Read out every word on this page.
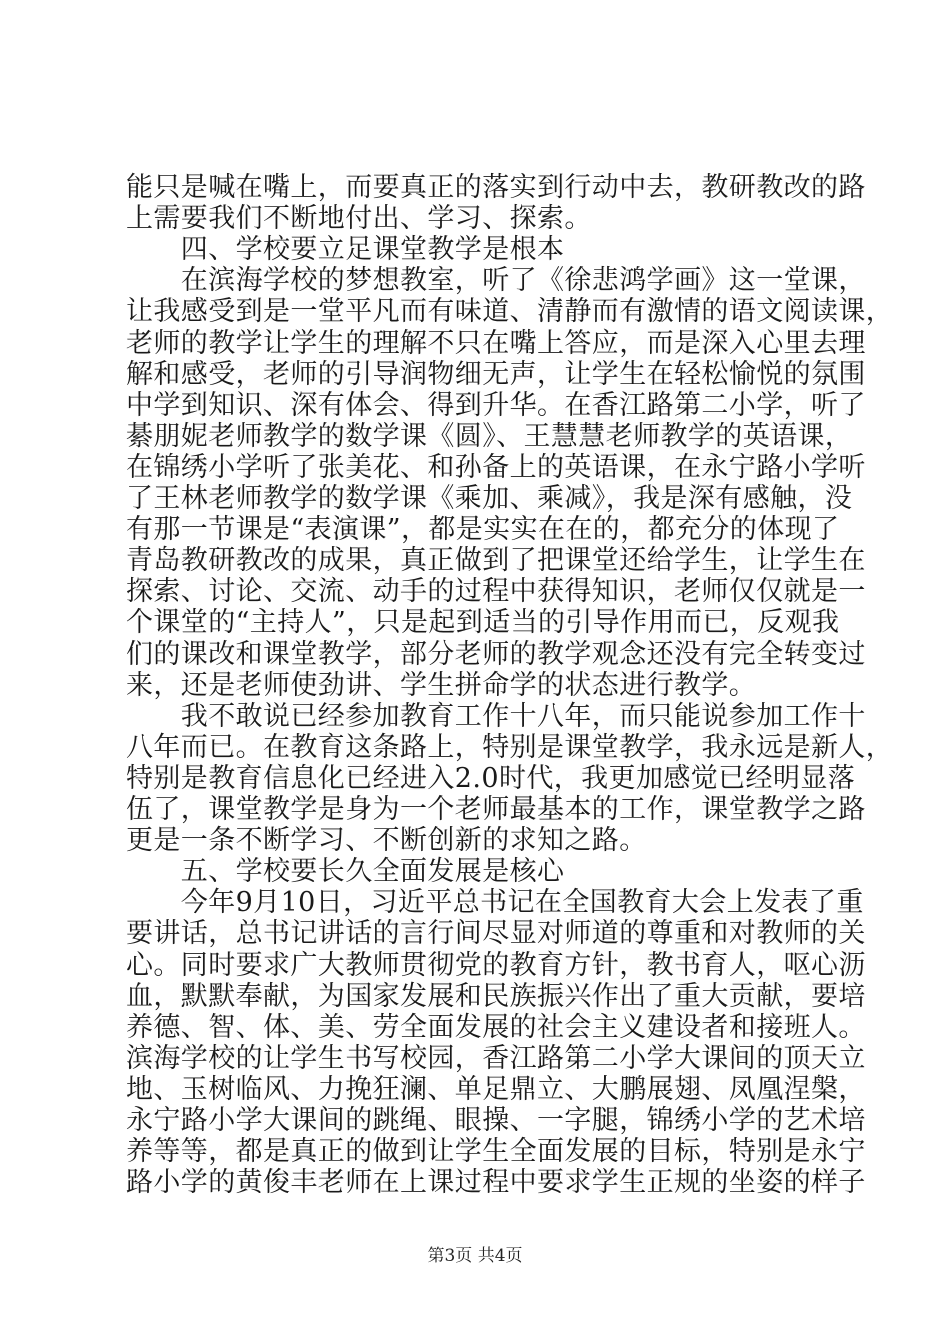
能只是喊在嘴上，而要真正的落实到行动中去，教研教改的路
上需要我们不断地付出、学习、探索。
　　四、学校要立足课堂教学是根本
　　在滨海学校的梦想教室，听了《徐悲鸿学画》这一堂课，
让我感受到是一堂平凡而有味道、清静而有激情的语文阅读课，
老师的教学让学生的理解不只在嘴上答应，而是深入心里去理
解和感受，老师的引导润物细无声，让学生在轻松愉悦的氛围
中学到知识、深有体会、得到升华。在香江路第二小学，听了
綦朋妮老师教学的数学课《圆》、王慧慧老师教学的英语课，
在锦绣小学听了张美花、和孙备上的英语课，在永宁路小学听
了王林老师教学的数学课《乘加、乘减》，我是深有感触，没
有那一节课是“表演课”，都是实实在在的，都充分的体现了
青岛教研教改的成果，真正做到了把课堂还给学生，让学生在
探索、讨论、交流、动手的过程中获得知识，老师仅仅就是一
个课堂的“主持人”，只是起到适当的引导作用而已，反观我
们的课改和课堂教学，部分老师的教学观念还没有完全转变过
来，还是老师使劲讲、学生拼命学的状态进行教学。
　　我不敢说已经参加教育工作十八年，而只能说参加工作十
八年而已。在教育这条路上，特别是课堂教学，我永远是新人，
特别是教育信息化已经进入2.0时代，我更加感觉已经明显落
伍了，课堂教学是身为一个老师最基本的工作，课堂教学之路
更是一条不断学习、不断创新的求知之路。
　　五、学校要长久全面发展是核心
　　今年9月10日，习近平总书记在全国教育大会上发表了重
要讲话，总书记讲话的言行间尽显对师道的尊重和对教师的关
心。同时要求广大教师贯彻党的教育方针，教书育人，呕心沥
血，默默奉献，为国家发展和民族振兴作出了重大贡献，要培
养德、智、体、美、劳全面发展的社会主义建设者和接班人。
滨海学校的让学生书写校园，香江路第二小学大课间的顶天立
地、玉树临风、力挽狂澜、单足鼎立、大鹏展翅、凤凰涅槃，
永宁路小学大课间的跳绳、眼操、一字腿，锦绣小学的艺术培
养等等，都是真正的做到让学生全面发展的目标，特别是永宁
路小学的黄俊丰老师在上课过程中要求学生正规的坐姿的样子
第3页 共4页
